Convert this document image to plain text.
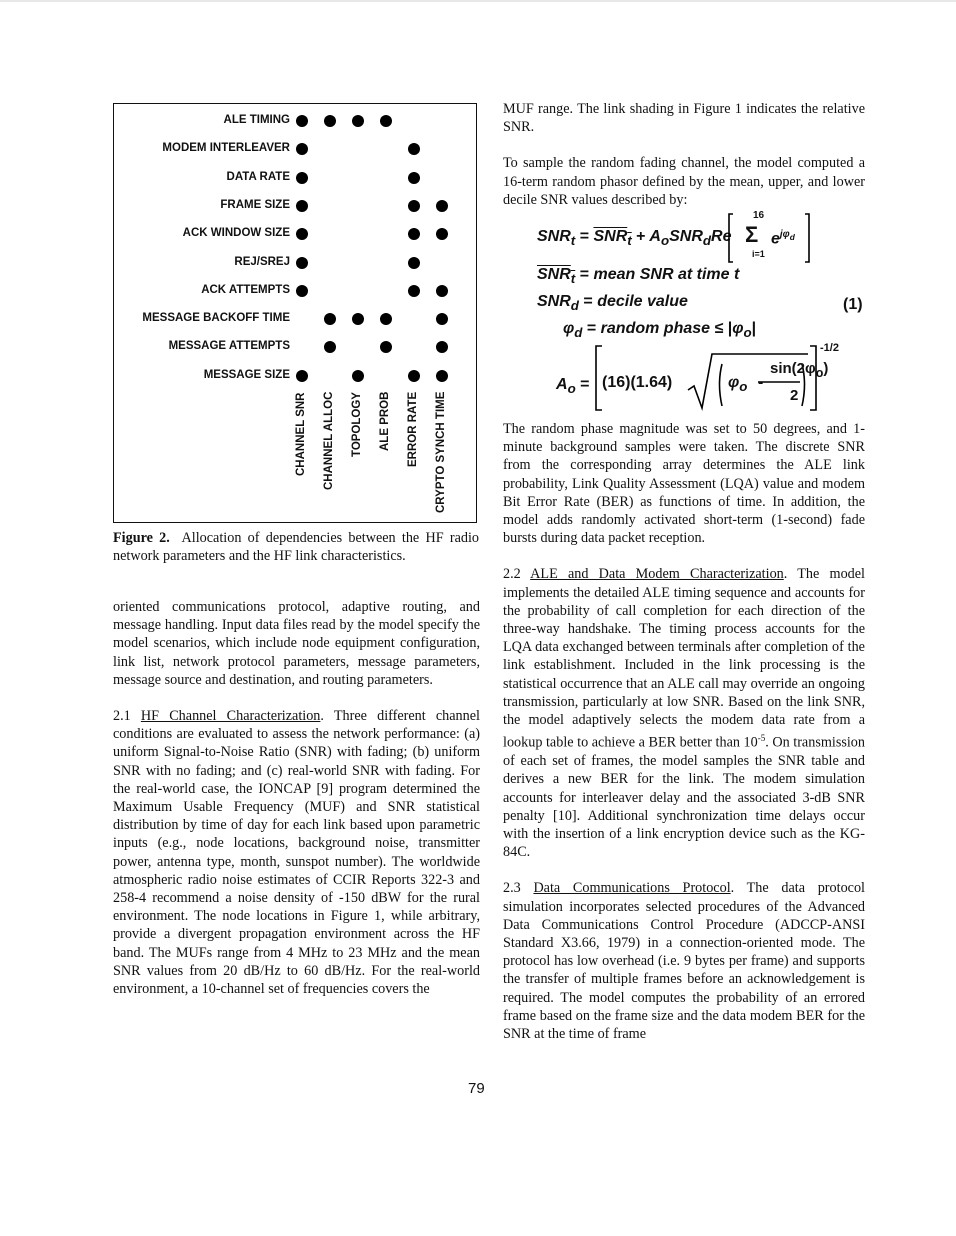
ALE TIMING
MODEM INTERLEAVER
DATA RATE
FRAME SIZE
ACK WINDOW SIZE
REJ/SREJ
ACK ATTEMPTS
MESSAGE BACKOFF TIME
MESSAGE ATTEMPTS
MESSAGE SIZE
CHANNEL SNR CHANNEL ALLOC TOPOLOGY ALE PROB ERROR RATE CRYPTO SYNCH TIME
Figure 2. Allocation of dependencies between the HF radio network parameters and the HF link characteristics.

oriented communications protocol, adaptive routing, and message handling. Input data files read by the model specify the model scenarios, which include node equipment configuration, link list, network protocol parameters, message parameters, message source and destination, and routing parameters.

2.1 HF Channel Characterization. Three different channel conditions are evaluated to assess the network performance: (a) uniform Signal-to-Noise Ratio (SNR) with fading; (b) uniform SNR with no fading; and (c) real-world SNR with fading. For the real-world case, the IONCAP [9] program determined the Maximum Usable Frequency (MUF) and SNR statistical distribution by time of day for each link based upon parametric inputs (e.g., node locations, background noise, transmitter power, antenna type, month, sunspot number). The worldwide atmospheric radio noise estimates of CCIR Reports 322-3 and 258-4 recommend a noise density of -150 dBW for the rural environment. The node locations in Figure 1, while arbitrary, provide a divergent propagation environment across the HF band. The MUFs range from 4 MHz to 23 MHz and the mean SNR values from 20 dB/Hz to 60 dB/Hz. For the real-world environment, a 10-channel set of frequencies covers the

MUF range. The link shading in Figure 1 indicates the relative SNR.

To sample the random fading channel, the model computed a 16-term random phasor defined by the mean, upper, and lower decile SNR values described by:

$SNR_t = SNR_t + A_oSNR_dRe$
16
Σ
i=1
$e^{j\varphi_d}$
$SNR_t$ = mean SNR at time t
$SNR_d$ = decile value	(1)
$\varphi_d$ = random phase ≤ $|\varphi_o|$
$A_o = (16)(1.64)$	$\varphi_o$ -
$\sin(2\varphi_o)$
2
-1/2

The random phase magnitude was set to 50 degrees, and 1-minute background samples were taken. The discrete SNR from the corresponding array determines the ALE link probability, Link Quality Assessment (LQA) value and modem Bit Error Rate (BER) as functions of time. In addition, the model adds randomly activated short-term (1-second) fade bursts during data packet reception.

2.2 ALE and Data Modem Characterization. The model implements the detailed ALE timing sequence and accounts for the probability of call completion for each direction of the three-way handshake. The timing process accounts for the LQA data exchanged between terminals after completion of the link establishment. Included in the link processing is the statistical occurrence that an ALE call may override an ongoing transmission, particularly at low SNR. Based on the link SNR, the model adaptively selects the modem data rate from a lookup table to achieve a BER better than $10^{-5}$. On transmission of each set of frames, the model samples the SNR table and derives a new BER for the link. The modem simulation accounts for interleaver delay and the associated 3-dB SNR penalty [10]. Additional synchronization time delays occur with the insertion of a link encryption device such as the KG-84C.

2.3 Data Communications Protocol. The data protocol simulation incorporates selected procedures of the Advanced Data Communications Control Procedure (ADCCP-ANSI Standard X3.66, 1979) in a connection-oriented mode. The protocol has low overhead (i.e. 9 bytes per frame) and supports the transfer of multiple frames before an acknowledgement is required. The model computes the probability of an errored frame based on the frame size and the data modem BER for the SNR at the time of frame

79
